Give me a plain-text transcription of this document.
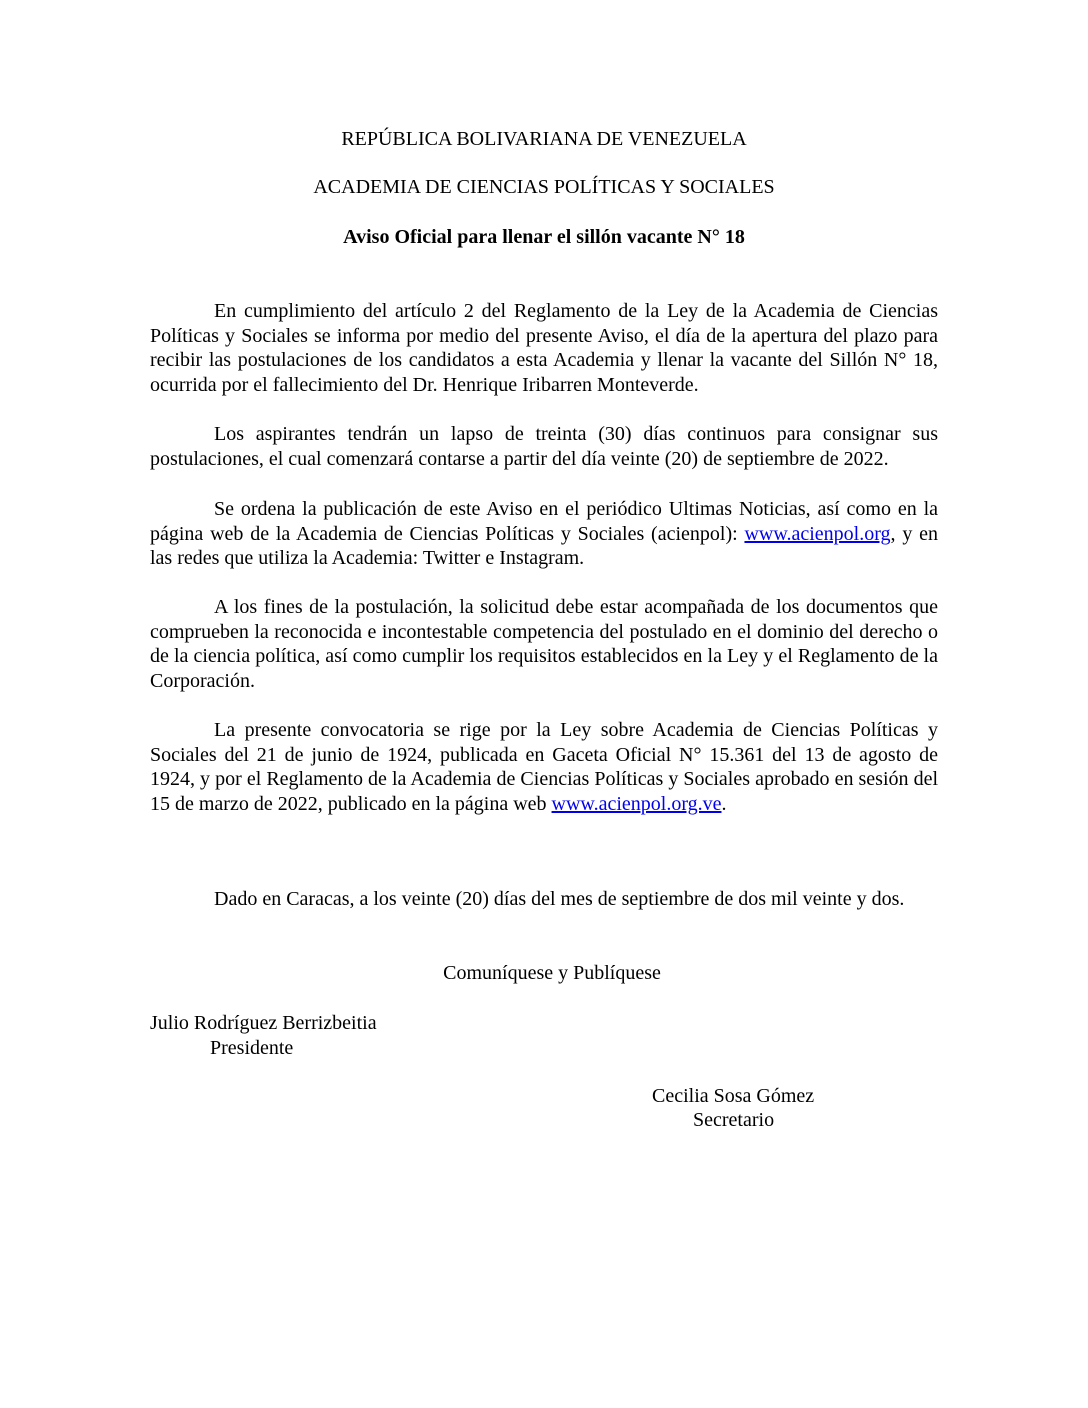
REPÚBLICA BOLIVARIANA DE VENEZUELA
ACADEMIA DE CIENCIAS POLÍTICAS Y SOCIALES
Aviso Oficial para llenar el sillón vacante N° 18

En cumplimiento del artículo 2 del Reglamento de la Ley de la Academia de Ciencias Políticas y Sociales se informa por medio del presente Aviso, el día de la apertura del plazo para recibir las postulaciones de los candidatos a esta Academia y llenar la vacante del Sillón N° 18, ocurrida por el fallecimiento del Dr. Henrique Iribarren Monteverde.

Los aspirantes tendrán un lapso de treinta (30) días continuos para consignar sus postulaciones, el cual comenzará contarse a partir del día veinte (20) de septiembre de 2022.

Se ordena la publicación de este Aviso en el periódico Ultimas Noticias, así como en la página web de la Academia de Ciencias Políticas y Sociales (acienpol): www.acienpol.org, y en las redes que utiliza la Academia: Twitter e Instagram.

A los fines de la postulación, la solicitud debe estar acompañada de los documentos que comprueben la reconocida e incontestable competencia del postulado en el dominio del derecho o de la ciencia política, así como cumplir los requisitos establecidos en la Ley y el Reglamento de la Corporación.

La presente convocatoria se rige por la Ley sobre Academia de Ciencias Políticas y Sociales del 21 de junio de 1924, publicada en Gaceta Oficial N° 15.361 del 13 de agosto de 1924, y por el Reglamento de la Academia de Ciencias Políticas y Sociales aprobado en sesión del 15 de marzo de 2022, publicado en la página web www.acienpol.org.ve.

Dado en Caracas, a los veinte (20) días del mes de septiembre de dos mil veinte y dos.

Comuníquese y Publíquese
Julio Rodríguez Berrizbeitia
Presidente
Cecilia Sosa Gómez
Secretario
